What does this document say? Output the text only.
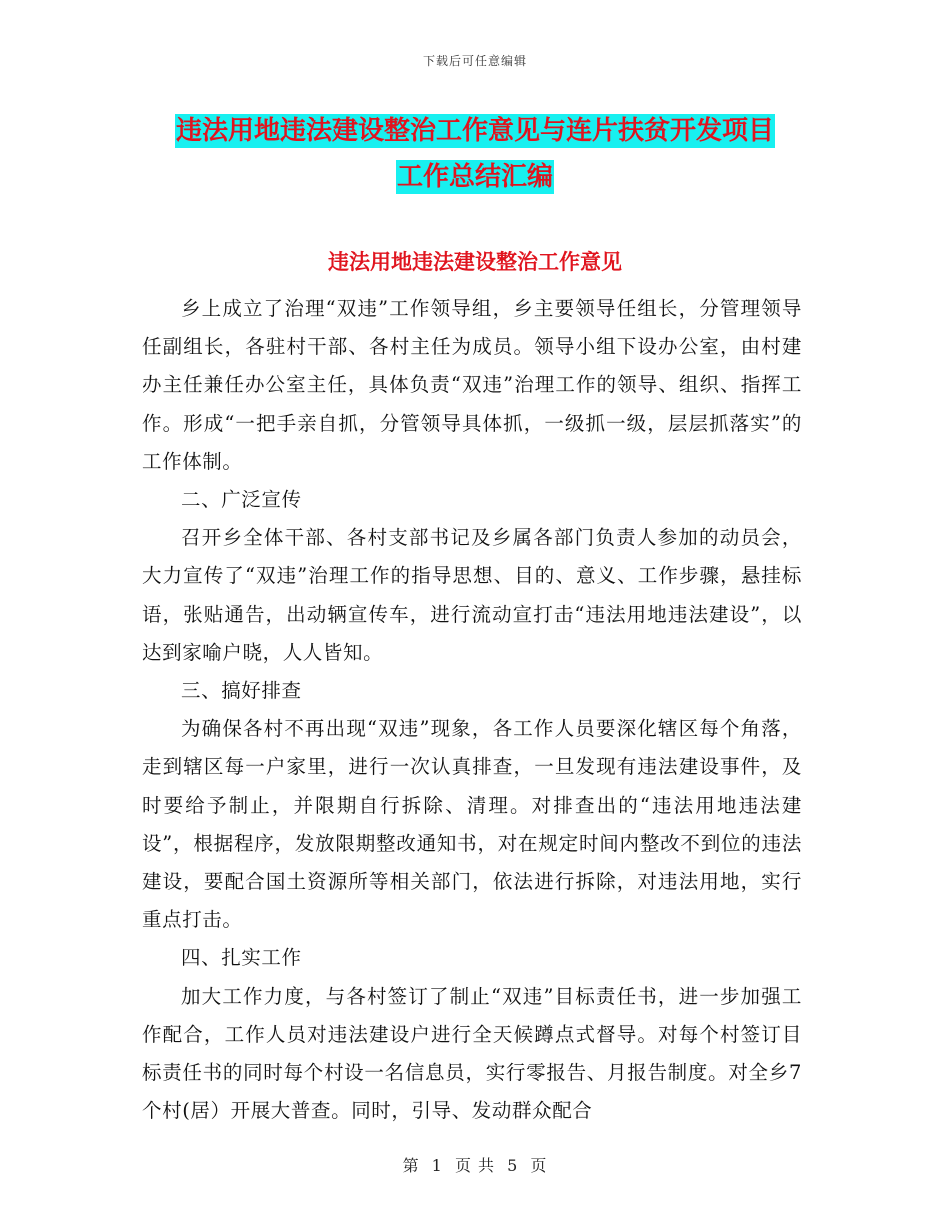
下载后可任意编辑
违法用地违法建设整治工作意见与连片扶贫开发项目
工作总结汇编
违法用地违法建设整治工作意见

乡上成立了治理“双违”工作领导组，乡主要领导任组长，分管理领导任副组长，各驻村干部、各村主任为成员。领导小组下设办公室，由村建办主任兼任办公室主任，具体负责“双违”治理工作的领导、组织、指挥工作。形成“一把手亲自抓，分管领导具体抓，一级抓一级，层层抓落实”的工作体制。

二、广泛宣传

召开乡全体干部、各村支部书记及乡属各部门负责人参加的动员会，大力宣传了“双违”治理工作的指导思想、目的、意义、工作步骤，悬挂标语，张贴通告，出动辆宣传车，进行流动宣打击“违法用地违法建设”，以达到家喻户晓，人人皆知。

三、搞好排查

为确保各村不再出现“双违”现象，各工作人员要深化辖区每个角落，走到辖区每一户家里，进行一次认真排查，一旦发现有违法建设事件，及时要给予制止，并限期自行拆除、清理。对排查出的“违法用地违法建设”，根据程序，发放限期整改通知书，对在规定时间内整改不到位的违法建设，要配合国土资源所等相关部门，依法进行拆除，对违法用地，实行重点打击。

四、扎实工作

加大工作力度，与各村签订了制止“双违”目标责任书，进一步加强工作配合，工作人员对违法建设户进行全天候蹲点式督导。对每个村签订目标责任书的同时每个村设一名信息员，实行零报告、月报告制度。对全乡7个村(居）开展大普查。同时，引导、发动群众配合

第 1 页 共 5 页
